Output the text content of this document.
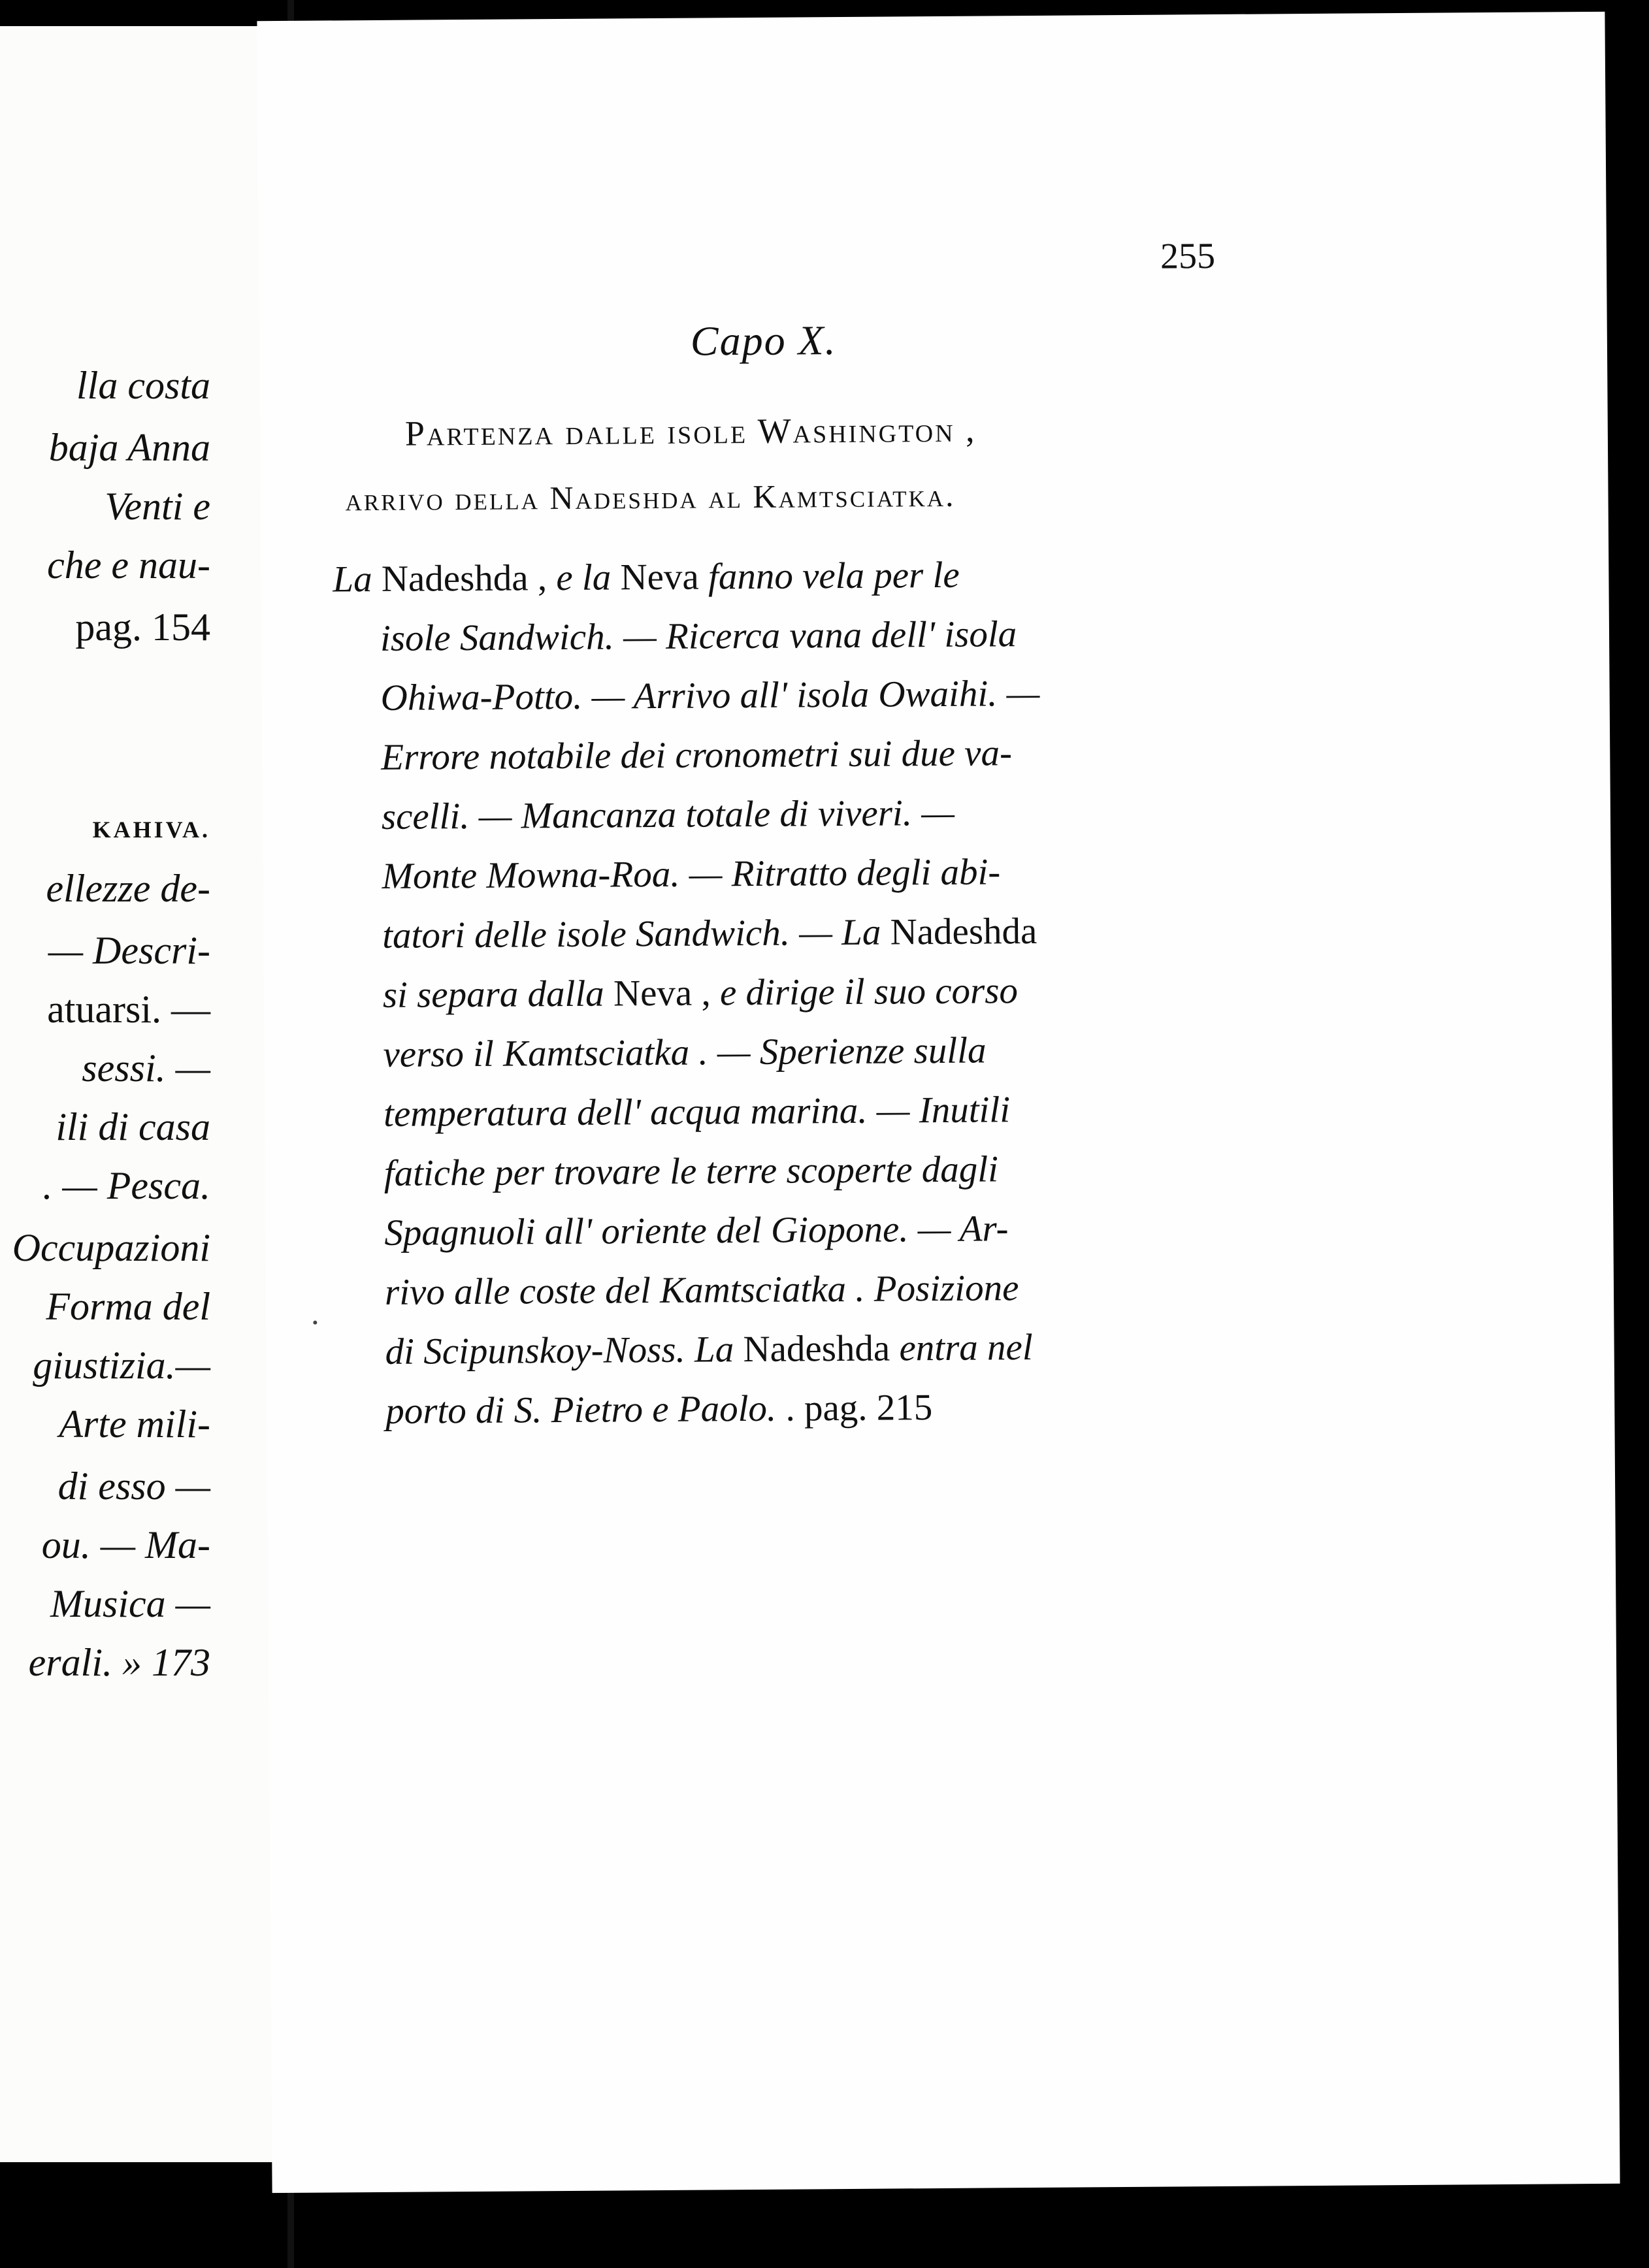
lla costa
baja Anna
Venti e
che e nau-
pag. 154
KAHIVA.
ellezze de-
— Descri-
atuarsi. —
sessi. —
ili di casa
. — Pesca.
Occupazioni
Forma del
giustizia.—
Arte mili-
di esso —
ou. — Ma-
Musica —
erali. » 173
255
Capo X.
Partenza dalle isole Washington ,
arrivo della Nadeshda al Kamtsciatka.
La Nadeshda , e la Neva fanno vela per le
isole Sandwich. — Ricerca vana dell' isola
Ohiwa-Potto. — Arrivo all' isola Owaihi. —
Errore notabile dei cronometri sui due va-
scelli. — Mancanza totale di viveri. —
Monte Mowna-Roa. — Ritratto degli abi-
tatori delle isole Sandwich. — La Nadeshda
si separa dalla Neva , e dirige il suo corso
verso il Kamtsciatka . — Sperienze sulla
temperatura dell' acqua marina. — Inutili
fatiche per trovare le terre scoperte dagli
Spagnuoli all' oriente del Giopone. — Ar-
rivo alle coste del Kamtsciatka . Posizione
di Scipunskoy-Noss. La Nadeshda entra nel
porto di S. Pietro e Paolo. . pag. 215
